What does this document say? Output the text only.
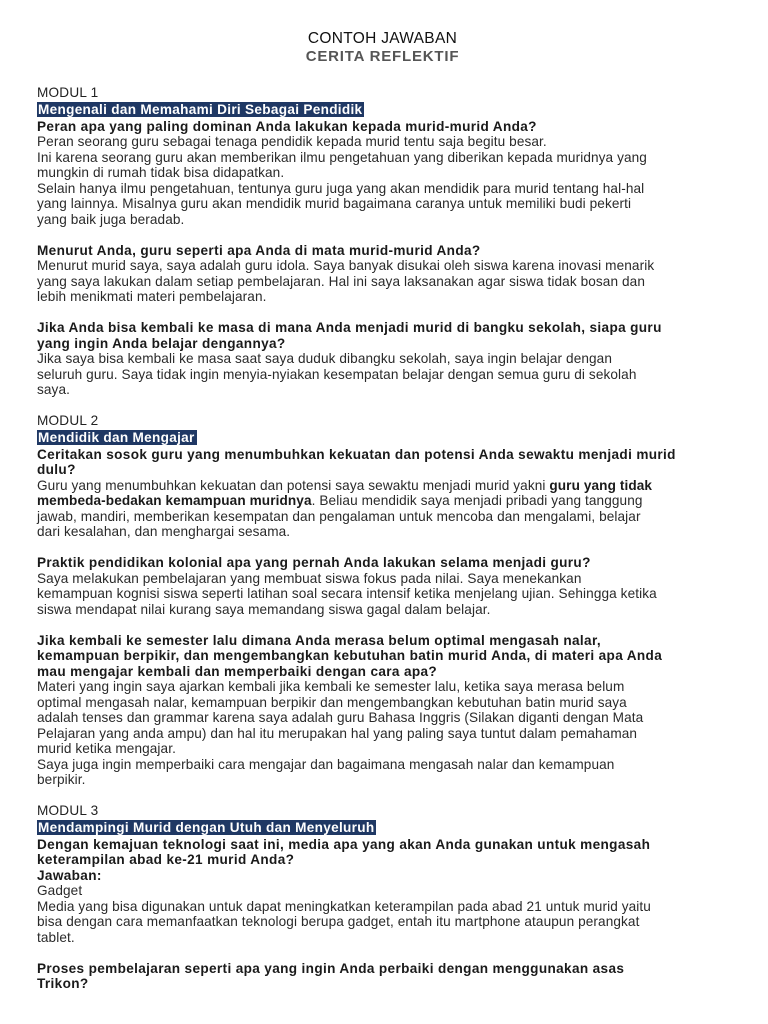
CONTOH JAWABAN
CERITA REFLEKTIF
MODUL 1
Mengenali dan Memahami Diri Sebagai Pendidik
Peran apa yang paling dominan Anda lakukan kepada murid-murid Anda?
Peran seorang guru sebagai tenaga pendidik kepada murid tentu saja begitu besar.
Ini karena seorang guru akan memberikan ilmu pengetahuan yang diberikan kepada muridnya yang
mungkin di rumah tidak bisa didapatkan.
Selain hanya ilmu pengetahuan, tentunya guru juga yang akan mendidik para murid tentang hal-hal
yang lainnya. Misalnya guru akan mendidik murid bagaimana caranya untuk memiliki budi pekerti
yang baik juga beradab.
Menurut Anda, guru seperti apa Anda di mata murid-murid Anda?
Menurut murid saya, saya adalah guru idola. Saya banyak disukai oleh siswa karena inovasi menarik
yang saya lakukan dalam setiap pembelajaran. Hal ini saya laksanakan agar siswa tidak bosan dan
lebih menikmati materi pembelajaran.
Jika Anda bisa kembali ke masa di mana Anda menjadi murid di bangku sekolah, siapa guru
yang ingin Anda belajar dengannya?
Jika saya bisa kembali ke masa saat saya duduk dibangku sekolah, saya ingin belajar dengan
seluruh guru. Saya tidak ingin menyia-nyiakan kesempatan belajar dengan semua guru di sekolah
saya.
MODUL 2
Mendidik dan Mengajar
Ceritakan sosok guru yang menumbuhkan kekuatan dan potensi Anda sewaktu menjadi murid
dulu?
Guru yang menumbuhkan kekuatan dan potensi saya sewaktu menjadi murid yakni guru yang tidak
membeda-bedakan kemampuan muridnya. Beliau mendidik saya menjadi pribadi yang tanggung
jawab, mandiri, memberikan kesempatan dan pengalaman untuk mencoba dan mengalami, belajar
dari kesalahan, dan menghargai sesama.
Praktik pendidikan kolonial apa yang pernah Anda lakukan selama menjadi guru?
Saya melakukan pembelajaran yang membuat siswa fokus pada nilai. Saya menekankan
kemampuan kognisi siswa seperti latihan soal secara intensif ketika menjelang ujian. Sehingga ketika
siswa mendapat nilai kurang saya memandang siswa gagal dalam belajar.
Jika kembali ke semester lalu dimana Anda merasa belum optimal mengasah nalar,
kemampuan berpikir, dan mengembangkan kebutuhan batin murid Anda, di materi apa Anda
mau mengajar kembali dan memperbaiki dengan cara apa?
Materi yang ingin saya ajarkan kembali jika kembali ke semester lalu, ketika saya merasa belum
optimal mengasah nalar, kemampuan berpikir dan mengembangkan kebutuhan batin murid saya
adalah tenses dan grammar karena saya adalah guru Bahasa Inggris (Silakan diganti dengan Mata
Pelajaran yang anda ampu) dan hal itu merupakan hal yang paling saya tuntut dalam pemahaman
murid ketika mengajar.
Saya juga ingin memperbaiki cara mengajar dan bagaimana mengasah nalar dan kemampuan
berpikir.
MODUL 3
Mendampingi Murid dengan Utuh dan Menyeluruh
Dengan kemajuan teknologi saat ini, media apa yang akan Anda gunakan untuk mengasah
keterampilan abad ke-21 murid Anda?
Jawaban:
Gadget
Media yang bisa digunakan untuk dapat meningkatkan keterampilan pada abad 21 untuk murid yaitu
bisa dengan cara memanfaatkan teknologi berupa gadget, entah itu martphone ataupun perangkat
tablet.
Proses pembelajaran seperti apa yang ingin Anda perbaiki dengan menggunakan asas
Trikon?
